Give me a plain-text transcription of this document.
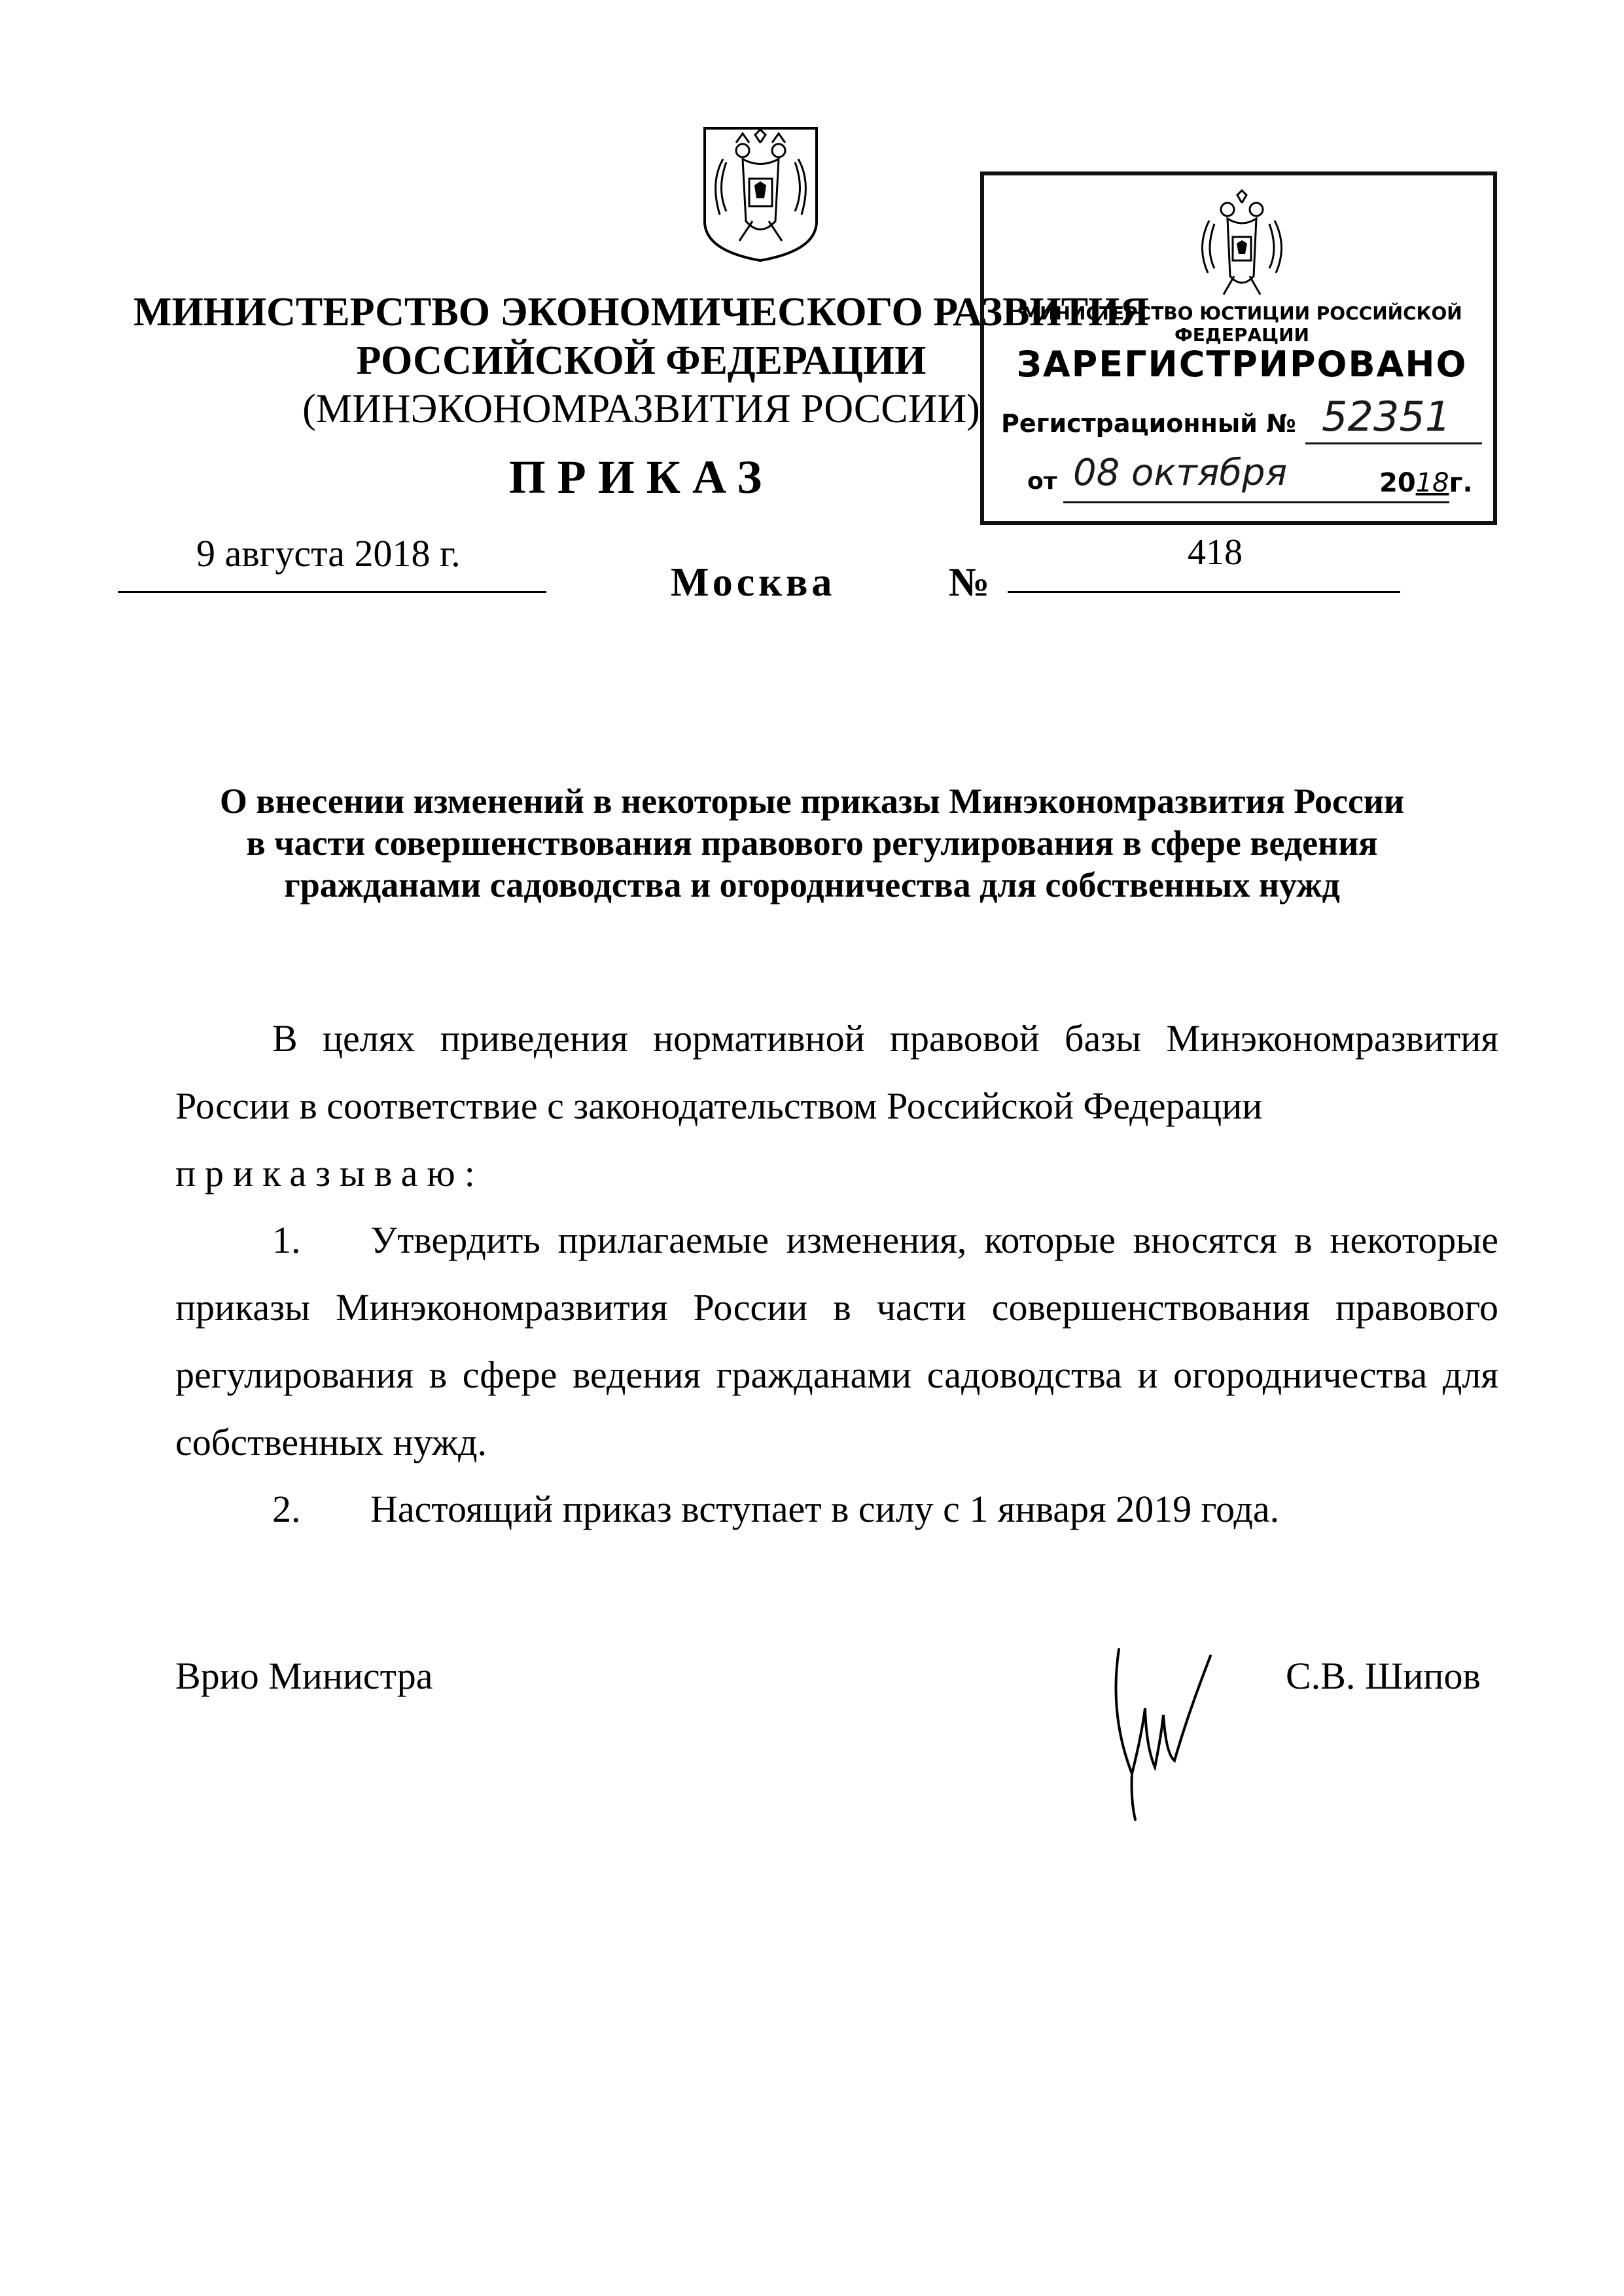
МИНИСТЕРСТВО ЭКОНОМИЧЕСКОГО РАЗВИТИЯ
РОССИЙСКОЙ ФЕДЕРАЦИИ
(МИНЭКОНОМРАЗВИТИЯ РОССИИ)
ПРИКАЗ
9 августа 2018 г.
Москва	№
418
МИНИСТЕРСТВО ЮСТИЦИИ РОССИЙСКОЙ ФЕДЕРАЦИИ
ЗАРЕГИСТРИРОВАНО
Регистрационный № 52351
от 08 октября	2018г.
О внесении изменений в некоторые приказы Минэкономразвития России
в части совершенствования правового регулирования в сфере ведения
гражданами садоводства и огородничества для собственных нужд
В целях приведения нормативной правовой базы Минэкономразвития России в соответствие с законодательством Российской Федерации
приказываю:
1. Утвердить прилагаемые изменения, которые вносятся в некоторые приказы Минэкономразвития России в части совершенствования правового регулирования в сфере ведения гражданами садоводства и огородничества для собственных нужд.
2. Настоящий приказ вступает в силу с 1 января 2019 года.
Врио Министра	С.В. Шипов
